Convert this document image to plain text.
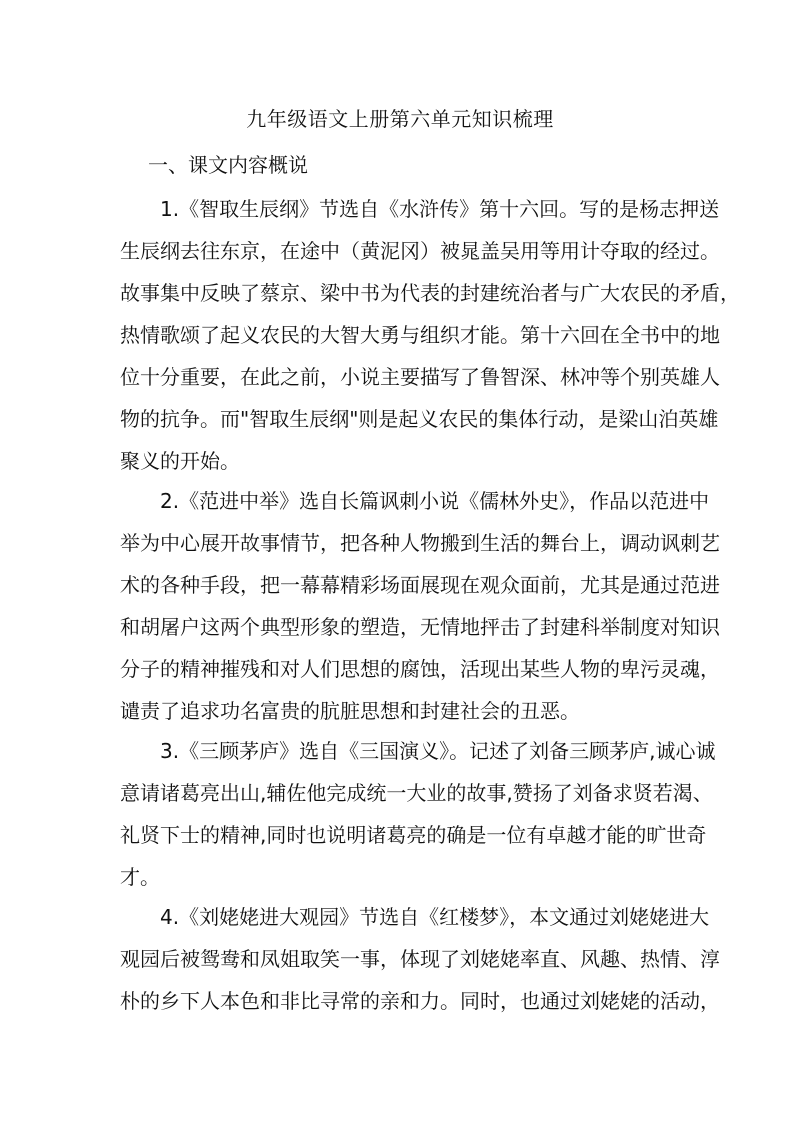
九年级语文上册第六单元知识梳理
一、课文内容概说
1.《智取生辰纲》节选自《水浒传》第十六回。写的是杨志押送
生辰纲去往东京，在途中（黄泥冈）被晁盖吴用等用计夺取的经过。
故事集中反映了蔡京、梁中书为代表的封建统治者与广大农民的矛盾，
热情歌颂了起义农民的大智大勇与组织才能。第十六回在全书中的地
位十分重要，在此之前，小说主要描写了鲁智深、林冲等个别英雄人
物的抗争。而"智取生辰纲"则是起义农民的集体行动，是梁山泊英雄
聚义的开始。
2.《范进中举》选自长篇讽刺小说《儒林外史》，作品以范进中
举为中心展开故事情节，把各种人物搬到生活的舞台上，调动讽刺艺
术的各种手段，把一幕幕精彩场面展现在观众面前，尤其是通过范进
和胡屠户这两个典型形象的塑造，无情地抨击了封建科举制度对知识
分子的精神摧残和对人们思想的腐蚀，活现出某些人物的卑污灵魂，
谴责了追求功名富贵的肮脏思想和封建社会的丑恶。
3.《三顾茅庐》选自《三国演义》。记述了刘备三顾茅庐,诚心诚
意请诸葛亮出山,辅佐他完成统一大业的故事,赞扬了刘备求贤若渴、
礼贤下士的精神,同时也说明诸葛亮的确是一位有卓越才能的旷世奇
才。
4.《刘姥姥进大观园》节选自《红楼梦》，本文通过刘姥姥进大
观园后被鸳鸯和凤姐取笑一事，体现了刘姥姥率直、风趣、热情、淳
朴的乡下人本色和非比寻常的亲和力。同时，也通过刘姥姥的活动，
